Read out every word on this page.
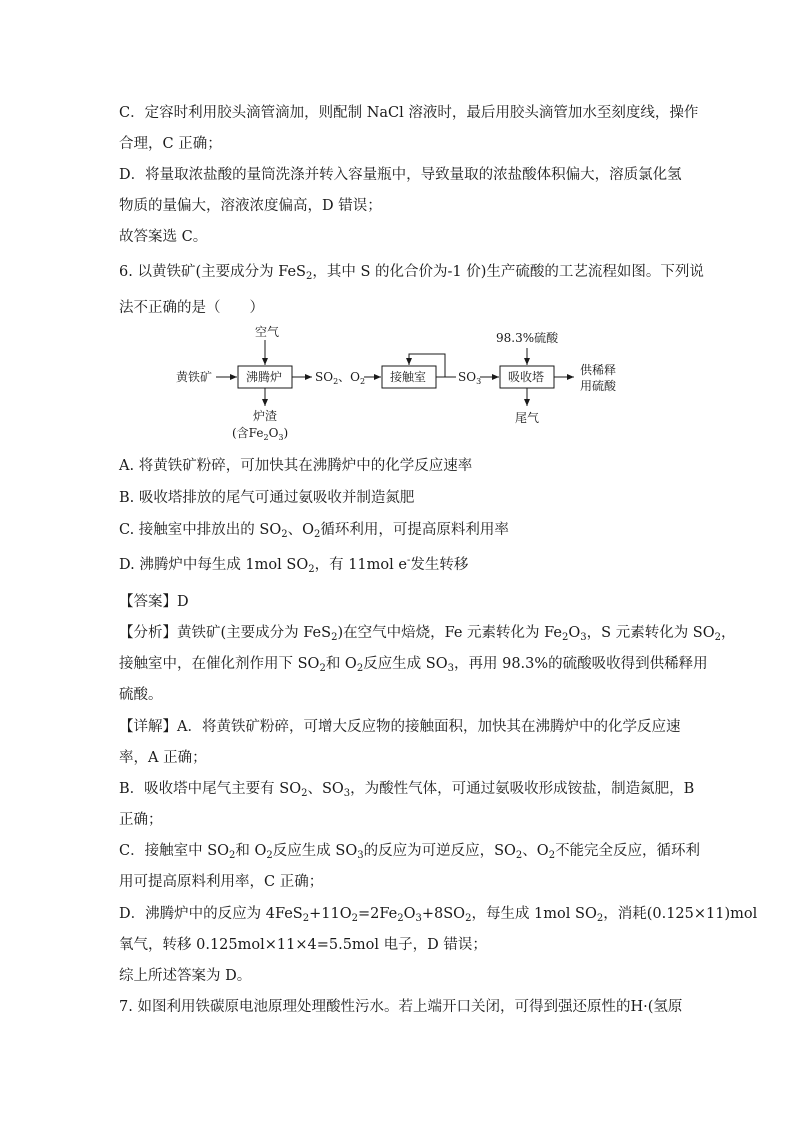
C．定容时利用胶头滴管滴加，则配制 NaCl 溶液时，最后用胶头滴管加水至刻度线，操作
合理，C 正确；
D．将量取浓盐酸的量筒洗涤并转入容量瓶中，导致量取的浓盐酸体积偏大，溶质氯化氢
物质的量偏大，溶液浓度偏高，D 错误；
故答案选 C。
6. 以黄铁矿(主要成分为 FeS$_2$，其中 S 的化合价为-1 价)生产硫酸的工艺流程如图。下列说
法不正确的是（　　）
黄铁矿
空气
沸腾炉	$SO_2$、$O_2$ 接触室	$SO_3$
98.3%硫酸
吸收塔	供稀释
用硫酸
炉渣
(含$Fe_2O_3$)
尾气
A. 将黄铁矿粉碎，可加快其在沸腾炉中的化学反应速率
B. 吸收塔排放的尾气可通过氨吸收并制造氮肥
C. 接触室中排放出的 $SO_2$、$O_2$循环利用，可提高原料利用率
D. 沸腾炉中每生成 1mol $SO_2$，有 11mol e-发生转移
【答案】D
【分析】黄铁矿(主要成分为 FeS$_2$)在空气中焙烧，Fe 元素转化为 $Fe_2O_3$，S 元素转化为 $SO_2$，
接触室中，在催化剂作用下 $SO_2$和 $O_2$反应生成 $SO_3$，再用 98.3%的硫酸吸收得到供稀释用
硫酸。
【详解】A．将黄铁矿粉碎，可增大反应物的接触面积，加快其在沸腾炉中的化学反应速
率，A 正确；
B．吸收塔中尾气主要有 $SO_2$、$SO_3$，为酸性气体，可通过氨吸收形成铵盐，制造氮肥，B
正确；
C．接触室中 $SO_2$和 $O_2$反应生成 $SO_3$的反应为可逆反应，$SO_2$、$O_2$不能完全反应，循环利
用可提高原料利用率，C 正确；
D．沸腾炉中的反应为 $4FeS_2+11O_2=2Fe_2O_3+8SO_2$，每生成 1mol $SO_2$，消耗(0.125×11)mol
氧气，转移 0.125mol×11×4=5.5mol 电子，D 错误；
综上所述答案为 D。
7. 如图利用铁碳原电池原理处理酸性污水。若上端开口关闭，可得到强还原性的H·(氢原
